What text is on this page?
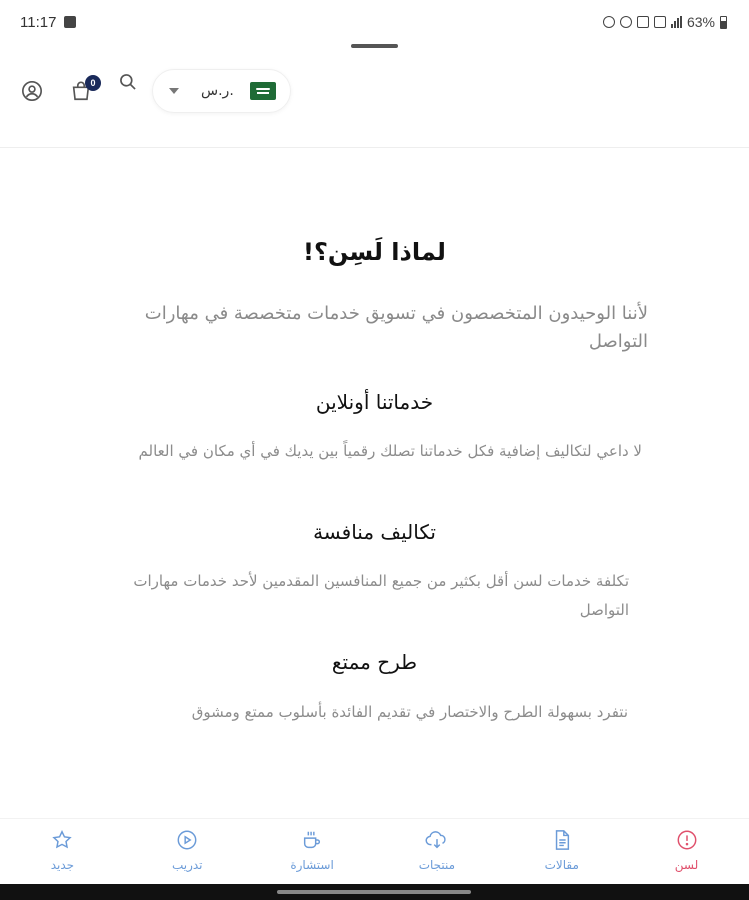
11:17	63%
0	ر.س.
لماذا لَسِن؟!
لأننا الوحيدون المتخصصون في تسويق خدمات متخصصة في مهارات التواصل
خدماتنا أونلاين
لا داعي لتكاليف إضافية فكل خدماتنا تصلك رقمياً بين يديك في أي مكان في العالم
تكاليف منافسة
تكلفة خدمات لسن أقل بكثير من جميع المنافسين المقدمين لأحد خدمات مهارات التواصل
طرح ممتع
نتفرد بسهولة الطرح والاختصار في تقديم الفائدة بأسلوب ممتع ومشوق
جديد	تدريب	استشارة	منتجات	مقالات	لسن
